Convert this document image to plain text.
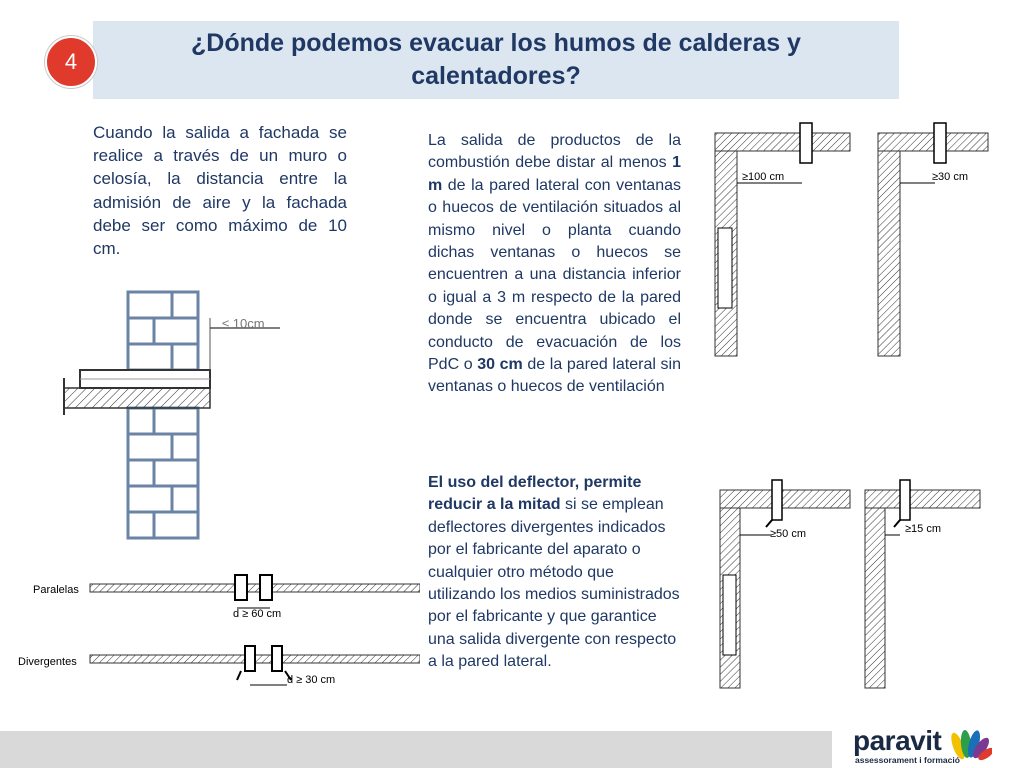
¿Dónde podemos evacuar los humos de calderas y
calentadores?
4
Cuando la salida a fachada se realice a través de un muro o celosía, la distancia entre la admisión de aire y la fachada debe ser como máximo de 10 cm.
≤ 10cm
Paralelas
d ≥ 60 cm
Divergentes
d ≥ 30 cm
La salida de productos de la combustión debe distar al menos 1 m de la pared lateral con ventanas o huecos de ventilación situados al mismo nivel o planta cuando dichas ventanas o huecos se encuentren a una distancia inferior o igual a 3 m respecto de la pared donde se encuentra ubicado el conducto de evacuación de los PdC o 30 cm de la pared lateral sin ventanas o huecos de ventilación
El uso del deflector, permite reducir a la mitad si se emplean deflectores divergentes indicados por el fabricante del aparato o cualquier otro método que utilizando los medios suministrados por el fabricante y que garantice una salida divergente con respecto a la pared lateral.
≥100 cm	≥30 cm
≥50 cm	≥15 cm
paravit
assessorament i formació
